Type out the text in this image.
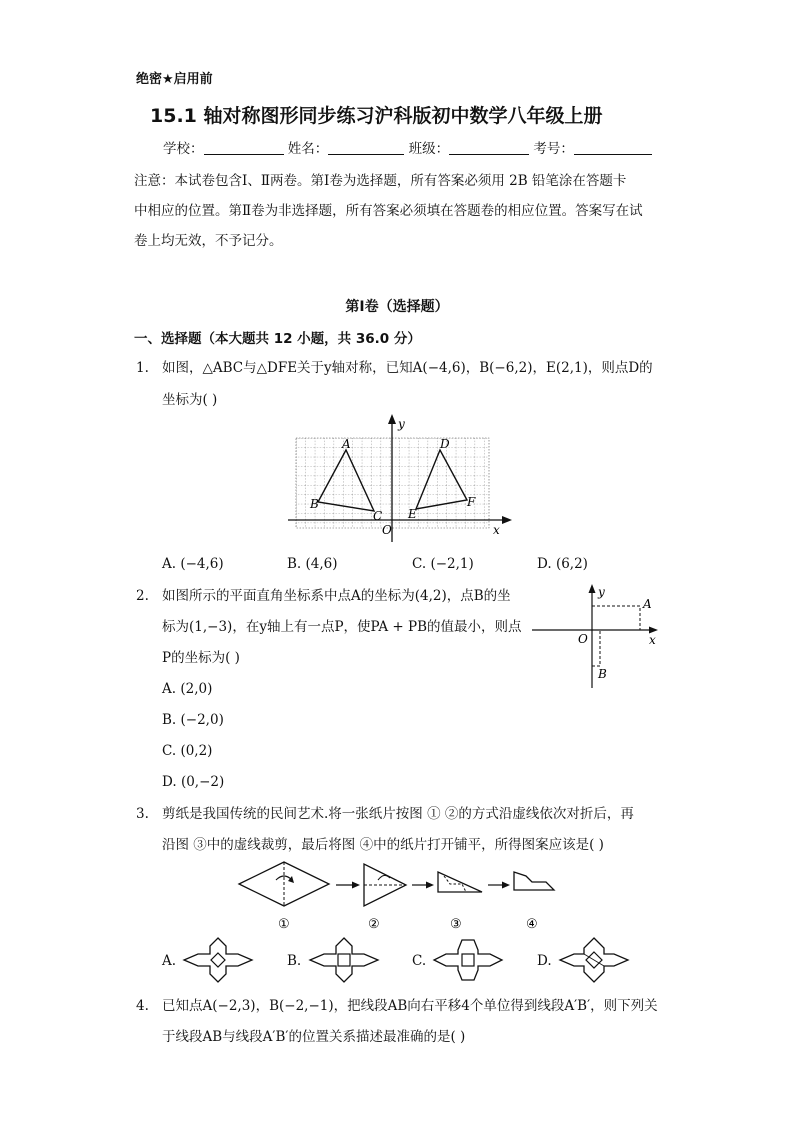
绝密★启用前
15.1 轴对称图形同步练习沪科版初中数学八年级上册
学校：	姓名：	班级：	考号：
注意：本试卷包含Ⅰ、Ⅱ两卷。第Ⅰ卷为选择题，所有答案必须用 2B 铅笔涂在答题卡
中相应的位置。第Ⅱ卷为非选择题，所有答案必须填在答题卷的相应位置。答案写在试
卷上均无效，不予记分。
第Ⅰ卷（选择题）
一、选择题（本大题共 12 小题，共 36.0 分）
1. 如图，△ABC与△DFE关于y轴对称，已知A(−4,6)，B(−6,2)，E(2,1)，则点D的
坐标为( )
A
B
C
D
E
F
O
y
x
A. (−4,6)	B. (4,6)	C. (−2,1)	D. (6,2)
2. 如图所示的平面直角坐标系中点A的坐标为(4,2)，点B的坐
标为(1,−3)，在y轴上有一点P，使PA + PB的值最小，则点
P的坐标为( )
y
x
O
A
B
A. (2,0)
B. (−2,0)
C. (0,2)
D. (0,−2)
3. 剪纸是我国传统的民间艺术.将一张纸片按图 ① ②的方式沿虚线依次对折后，再
沿图 ③中的虚线裁剪，最后将图 ④中的纸片打开铺平，所得图案应该是( )
①	②	③	④
A.	B.	C.	D.
4. 已知点A(−2,3)，B(−2,−1)，把线段AB向右平移4个单位得到线段A′B′，则下列关
于线段AB与线段A′B′的位置关系描述最准确的是( )
